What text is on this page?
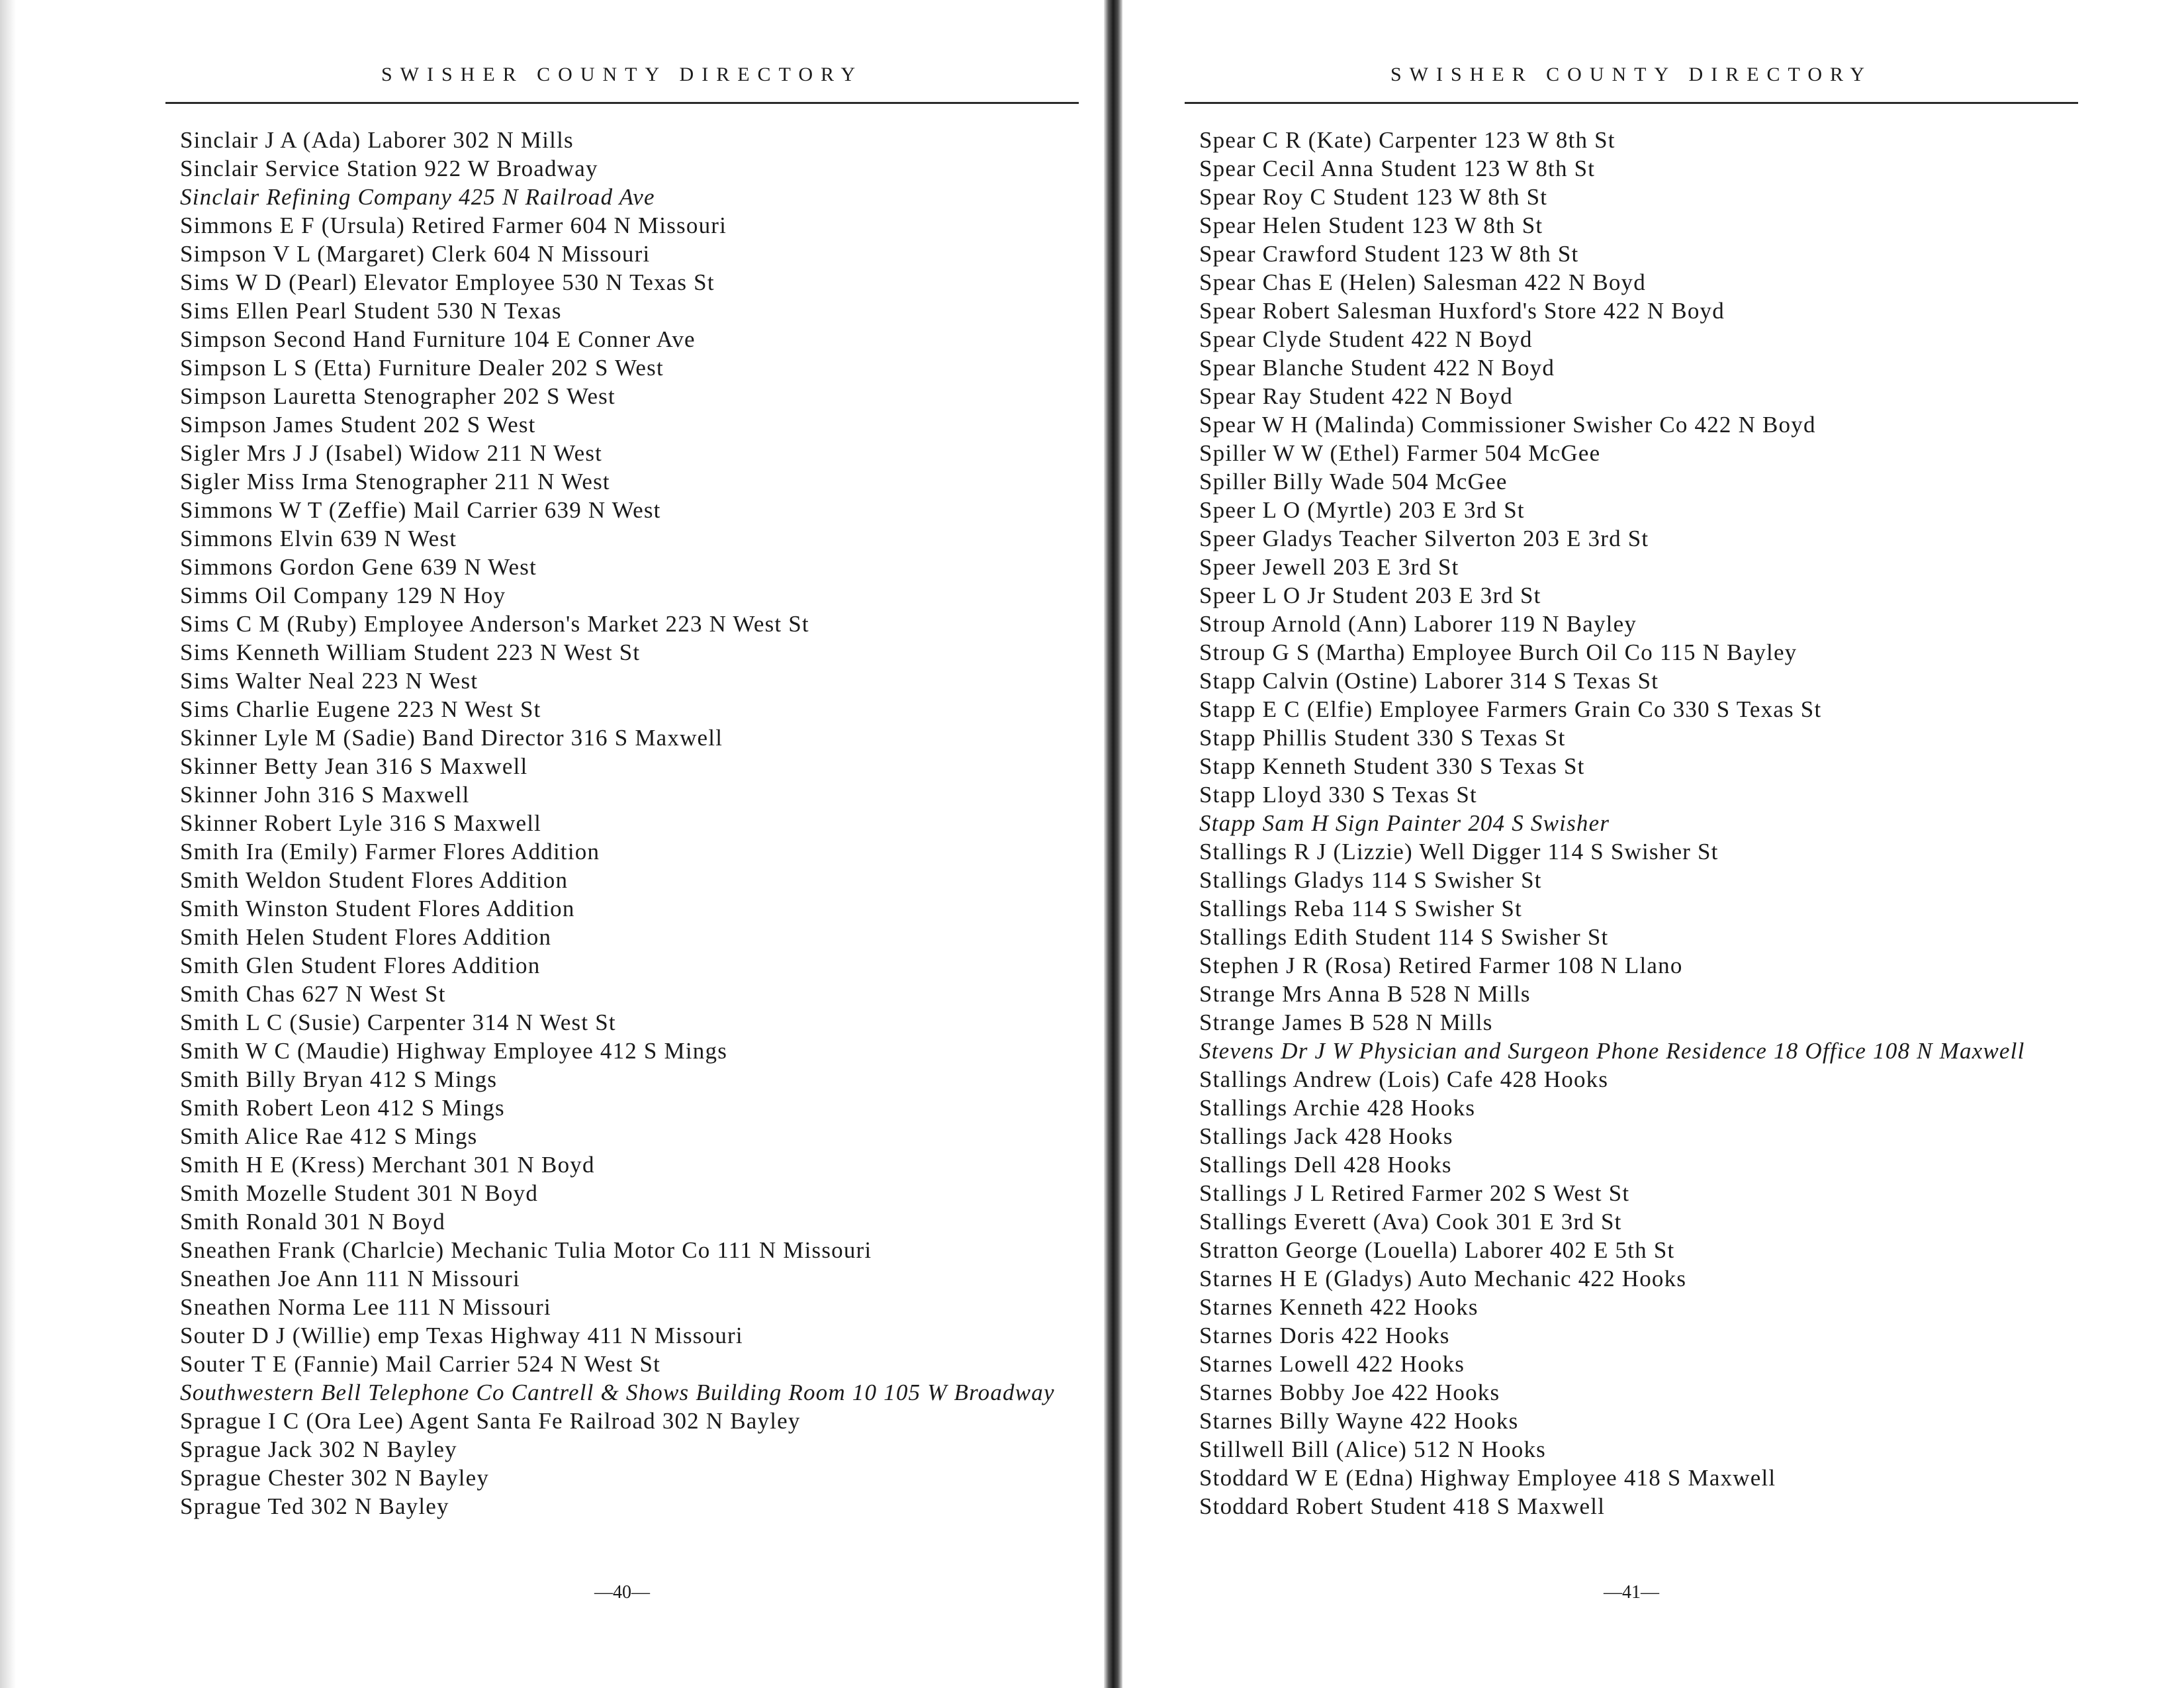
SWISHER COUNTY DIRECTORY
Sinclair J A (Ada) Laborer 302 N Mills
Sinclair Service Station 922 W Broadway
Sinclair Refining Company 425 N Railroad Ave
Simmons E F (Ursula) Retired Farmer 604 N Missouri
Simpson V L (Margaret) Clerk 604 N Missouri
Sims W D (Pearl) Elevator Employee 530 N Texas St
Sims Ellen Pearl Student 530 N Texas
Simpson Second Hand Furniture 104 E Conner Ave
Simpson L S (Etta) Furniture Dealer 202 S West
Simpson Lauretta Stenographer 202 S West
Simpson James Student 202 S West
Sigler Mrs J J (Isabel) Widow 211 N West
Sigler Miss Irma Stenographer 211 N West
Simmons W T (Zeffie) Mail Carrier 639 N West
Simmons Elvin 639 N West
Simmons Gordon Gene 639 N West
Simms Oil Company 129 N Hoy
Sims C M (Ruby) Employee Anderson's Market 223 N West St
Sims Kenneth William Student 223 N West St
Sims Walter Neal 223 N West
Sims Charlie Eugene 223 N West St
Skinner Lyle M (Sadie) Band Director 316 S Maxwell
Skinner Betty Jean 316 S Maxwell
Skinner John 316 S Maxwell
Skinner Robert Lyle 316 S Maxwell
Smith Ira (Emily) Farmer Flores Addition
Smith Weldon Student Flores Addition
Smith Winston Student Flores Addition
Smith Helen Student Flores Addition
Smith Glen Student Flores Addition
Smith Chas 627 N West St
Smith L C (Susie) Carpenter 314 N West St
Smith W C (Maudie) Highway Employee 412 S Mings
Smith Billy Bryan 412 S Mings
Smith Robert Leon 412 S Mings
Smith Alice Rae 412 S Mings
Smith H E (Kress) Merchant 301 N Boyd
Smith Mozelle Student 301 N Boyd
Smith Ronald 301 N Boyd
Sneathen Frank (Charlcie) Mechanic Tulia Motor Co 111 N Missouri
Sneathen Joe Ann 111 N Missouri
Sneathen Norma Lee 111 N Missouri
Souter D J (Willie) emp Texas Highway 411 N Missouri
Souter T E (Fannie) Mail Carrier 524 N West St
Southwestern Bell Telephone Co Cantrell & Shows Building Room 10 105 W Broadway
Sprague I C (Ora Lee) Agent Santa Fe Railroad 302 N Bayley
Sprague Jack 302 N Bayley
Sprague Chester 302 N Bayley
Sprague Ted 302 N Bayley
—40—
SWISHER COUNTY DIRECTORY
Spear C R (Kate) Carpenter 123 W 8th St
Spear Cecil Anna Student 123 W 8th St
Spear Roy C Student 123 W 8th St
Spear Helen Student 123 W 8th St
Spear Crawford Student 123 W 8th St
Spear Chas E (Helen) Salesman 422 N Boyd
Spear Robert Salesman Huxford's Store 422 N Boyd
Spear Clyde Student 422 N Boyd
Spear Blanche Student 422 N Boyd
Spear Ray Student 422 N Boyd
Spear W H (Malinda) Commissioner Swisher Co 422 N Boyd
Spiller W W (Ethel) Farmer 504 McGee
Spiller Billy Wade 504 McGee
Speer L O (Myrtle) 203 E 3rd St
Speer Gladys Teacher Silverton 203 E 3rd St
Speer Jewell 203 E 3rd St
Speer L O Jr Student 203 E 3rd St
Stroup Arnold (Ann) Laborer 119 N Bayley
Stroup G S (Martha) Employee Burch Oil Co 115 N Bayley
Stapp Calvin (Ostine) Laborer 314 S Texas St
Stapp E C (Elfie) Employee Farmers Grain Co 330 S Texas St
Stapp Phillis Student 330 S Texas St
Stapp Kenneth Student 330 S Texas St
Stapp Lloyd 330 S Texas St
Stapp Sam H Sign Painter 204 S Swisher
Stallings R J (Lizzie) Well Digger 114 S Swisher St
Stallings Gladys 114 S Swisher St
Stallings Reba 114 S Swisher St
Stallings Edith Student 114 S Swisher St
Stephen J R (Rosa) Retired Farmer 108 N Llano
Strange Mrs Anna B 528 N Mills
Strange James B 528 N Mills
Stevens Dr J W Physician and Surgeon Phone Residence 18 Office 108 N Maxwell
Stallings Andrew (Lois) Cafe 428 Hooks
Stallings Archie 428 Hooks
Stallings Jack 428 Hooks
Stallings Dell 428 Hooks
Stallings J L Retired Farmer 202 S West St
Stallings Everett (Ava) Cook 301 E 3rd St
Stratton George (Louella) Laborer 402 E 5th St
Starnes H E (Gladys) Auto Mechanic 422 Hooks
Starnes Kenneth 422 Hooks
Starnes Doris 422 Hooks
Starnes Lowell 422 Hooks
Starnes Bobby Joe 422 Hooks
Starnes Billy Wayne 422 Hooks
Stillwell Bill (Alice) 512 N Hooks
Stoddard W E (Edna) Highway Employee 418 S Maxwell
Stoddard Robert Student 418 S Maxwell
—41—
